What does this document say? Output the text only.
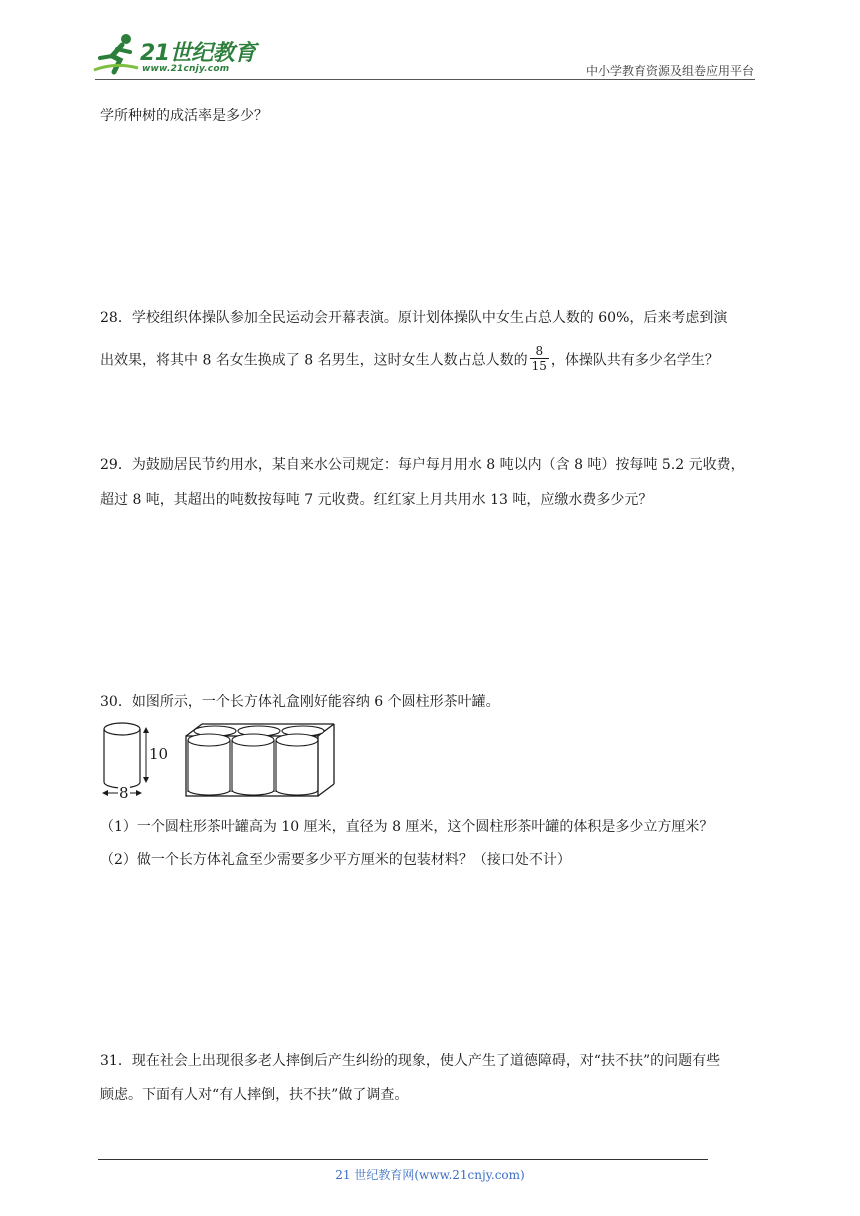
21世纪教育
www.21cnjy.com	中小学教育资源及组卷应用平台
学所种树的成活率是多少？
28．学校组织体操队参加全民运动会开幕表演。原计划体操队中女生占总人数的 60%，后来考虑到演
出效果，将其中 8 名女生换成了 8 名男生，这时女生人数占总人数的 $\frac{8}{15}$ ，体操队共有多少名学生？
29．为鼓励居民节约用水，某自来水公司规定：每户每月用水 8 吨以内（含 8 吨）按每吨 5.2 元收费，
超过 8 吨，其超出的吨数按每吨 7 元收费。红红家上月共用水 13 吨，应缴水费多少元？
30．如图所示，一个长方体礼盒刚好能容纳 6 个圆柱形茶叶罐。
10
8
（1）一个圆柱形茶叶罐高为 10 厘米，直径为 8 厘米，这个圆柱形茶叶罐的体积是多少立方厘米？
（2）做一个长方体礼盒至少需要多少平方厘米的包装材料？（接口处不计）
31．现在社会上出现很多老人摔倒后产生纠纷的现象，使人产生了道德障碍，对“扶不扶”的问题有些
顾虑。下面有人对“有人摔倒，扶不扶”做了调查。
21 世纪教育网(www.21cnjy.com)
